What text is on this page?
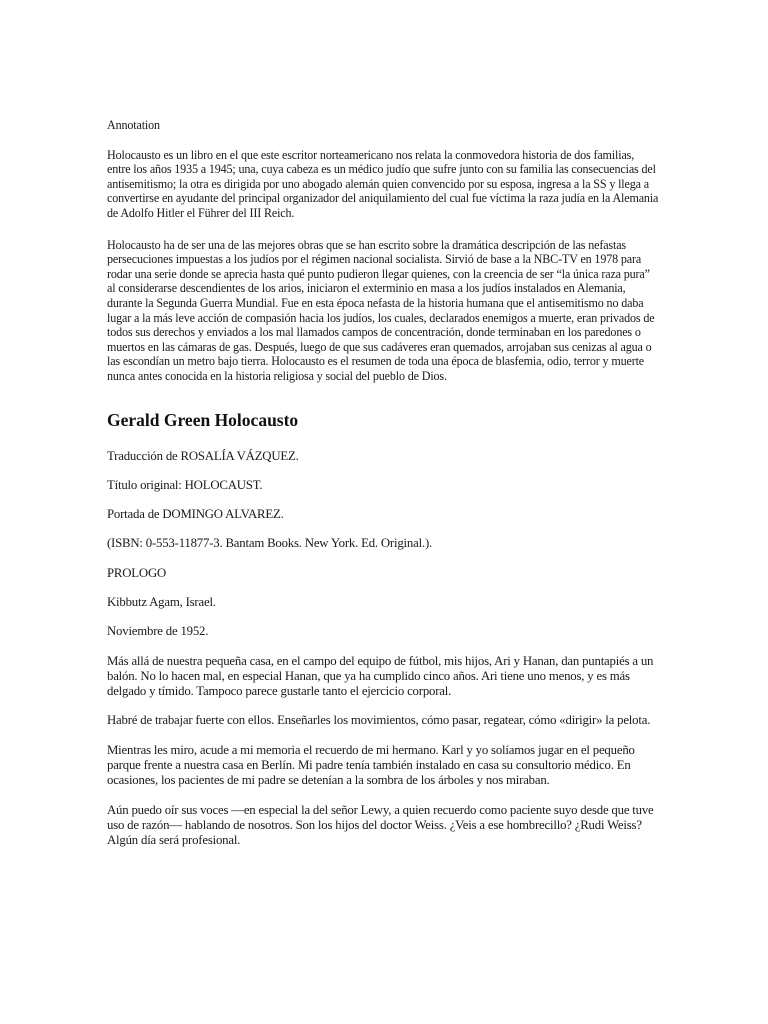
Annotation

Holocausto es un libro en el que este escritor norteamericano nos relata la conmovedora historia de dos familias, entre los años 1935 a 1945; una, cuya cabeza es un médico judío que sufre junto con su familia las consecuencias del antisemitismo; la otra es dirigida por uno abogado alemán quien convencido por su esposa, ingresa a la SS y llega a convertirse en ayudante del principal organizador del aniquilamiento del cual fue víctima la raza judía en la Alemania de Adolfo Hitler el Führer del III Reich.

Holocausto ha de ser una de las mejores obras que se han escrito sobre la dramática descripción de las nefastas persecuciones impuestas a los judíos por el régimen nacional socialista. Sirvió de base a la NBC-TV en 1978 para rodar una serie donde se aprecia hasta qué punto pudieron llegar quienes, con la creencia de ser “la única raza pura” al considerarse descendientes de los arios, iniciaron el exterminio en masa a los judíos instalados en Alemania, durante la Segunda Guerra Mundial. Fue en esta época nefasta de la historia humana que el antisemitismo no daba lugar a la más leve acción de compasión hacia los judíos, los cuales, declarados enemigos a muerte, eran privados de todos sus derechos y enviados a los mal llamados campos de concentración, donde terminaban en los paredones o muertos en las cámaras de gas. Después, luego de que sus cadáveres eran quemados, arrojaban sus cenizas al agua o las escondían un metro bajo tierra. Holocausto es el resumen de toda una época de blasfemia, odio, terror y muerte nunca antes conocida en la historia religiosa y social del pueblo de Dios.

Gerald Green Holocausto

Traducción de ROSALÍA VÁZQUEZ.

Título original: HOLOCAUST.

Portada de DOMINGO ALVAREZ.

(ISBN: 0-553-11877-3. Bantam Books. New York. Ed. Original.).

PROLOGO

Kibbutz Agam, Israel.

Noviembre de 1952.

Más allá de nuestra pequeña casa, en el campo del equipo de fútbol, mis hijos, Ari y Hanan, dan puntapiés a un balón. No lo hacen mal, en especial Hanan, que ya ha cumplido cinco años. Ari tiene uno menos, y es más delgado y tímido. Tampoco parece gustarle tanto el ejercicio corporal.

Habré de trabajar fuerte con ellos. Enseñarles los movimientos, cómo pasar, regatear, cómo «dirigir» la pelota.

Mientras les miro, acude a mi memoria el recuerdo de mi hermano. Karl y yo solíamos jugar en el pequeño parque frente a nuestra casa en Berlín. Mi padre tenía también instalado en casa su consultorio médico. En ocasiones, los pacientes de mi padre se detenían a la sombra de los árboles y nos miraban.

Aún puedo oír sus voces —en especial la del señor Lewy, a quien recuerdo como paciente suyo desde que tuve uso de razón— hablando de nosotros. Son los hijos del doctor Weiss. ¿Veis a ese hombrecillo? ¿Rudi Weiss? Algún día será profesional.
